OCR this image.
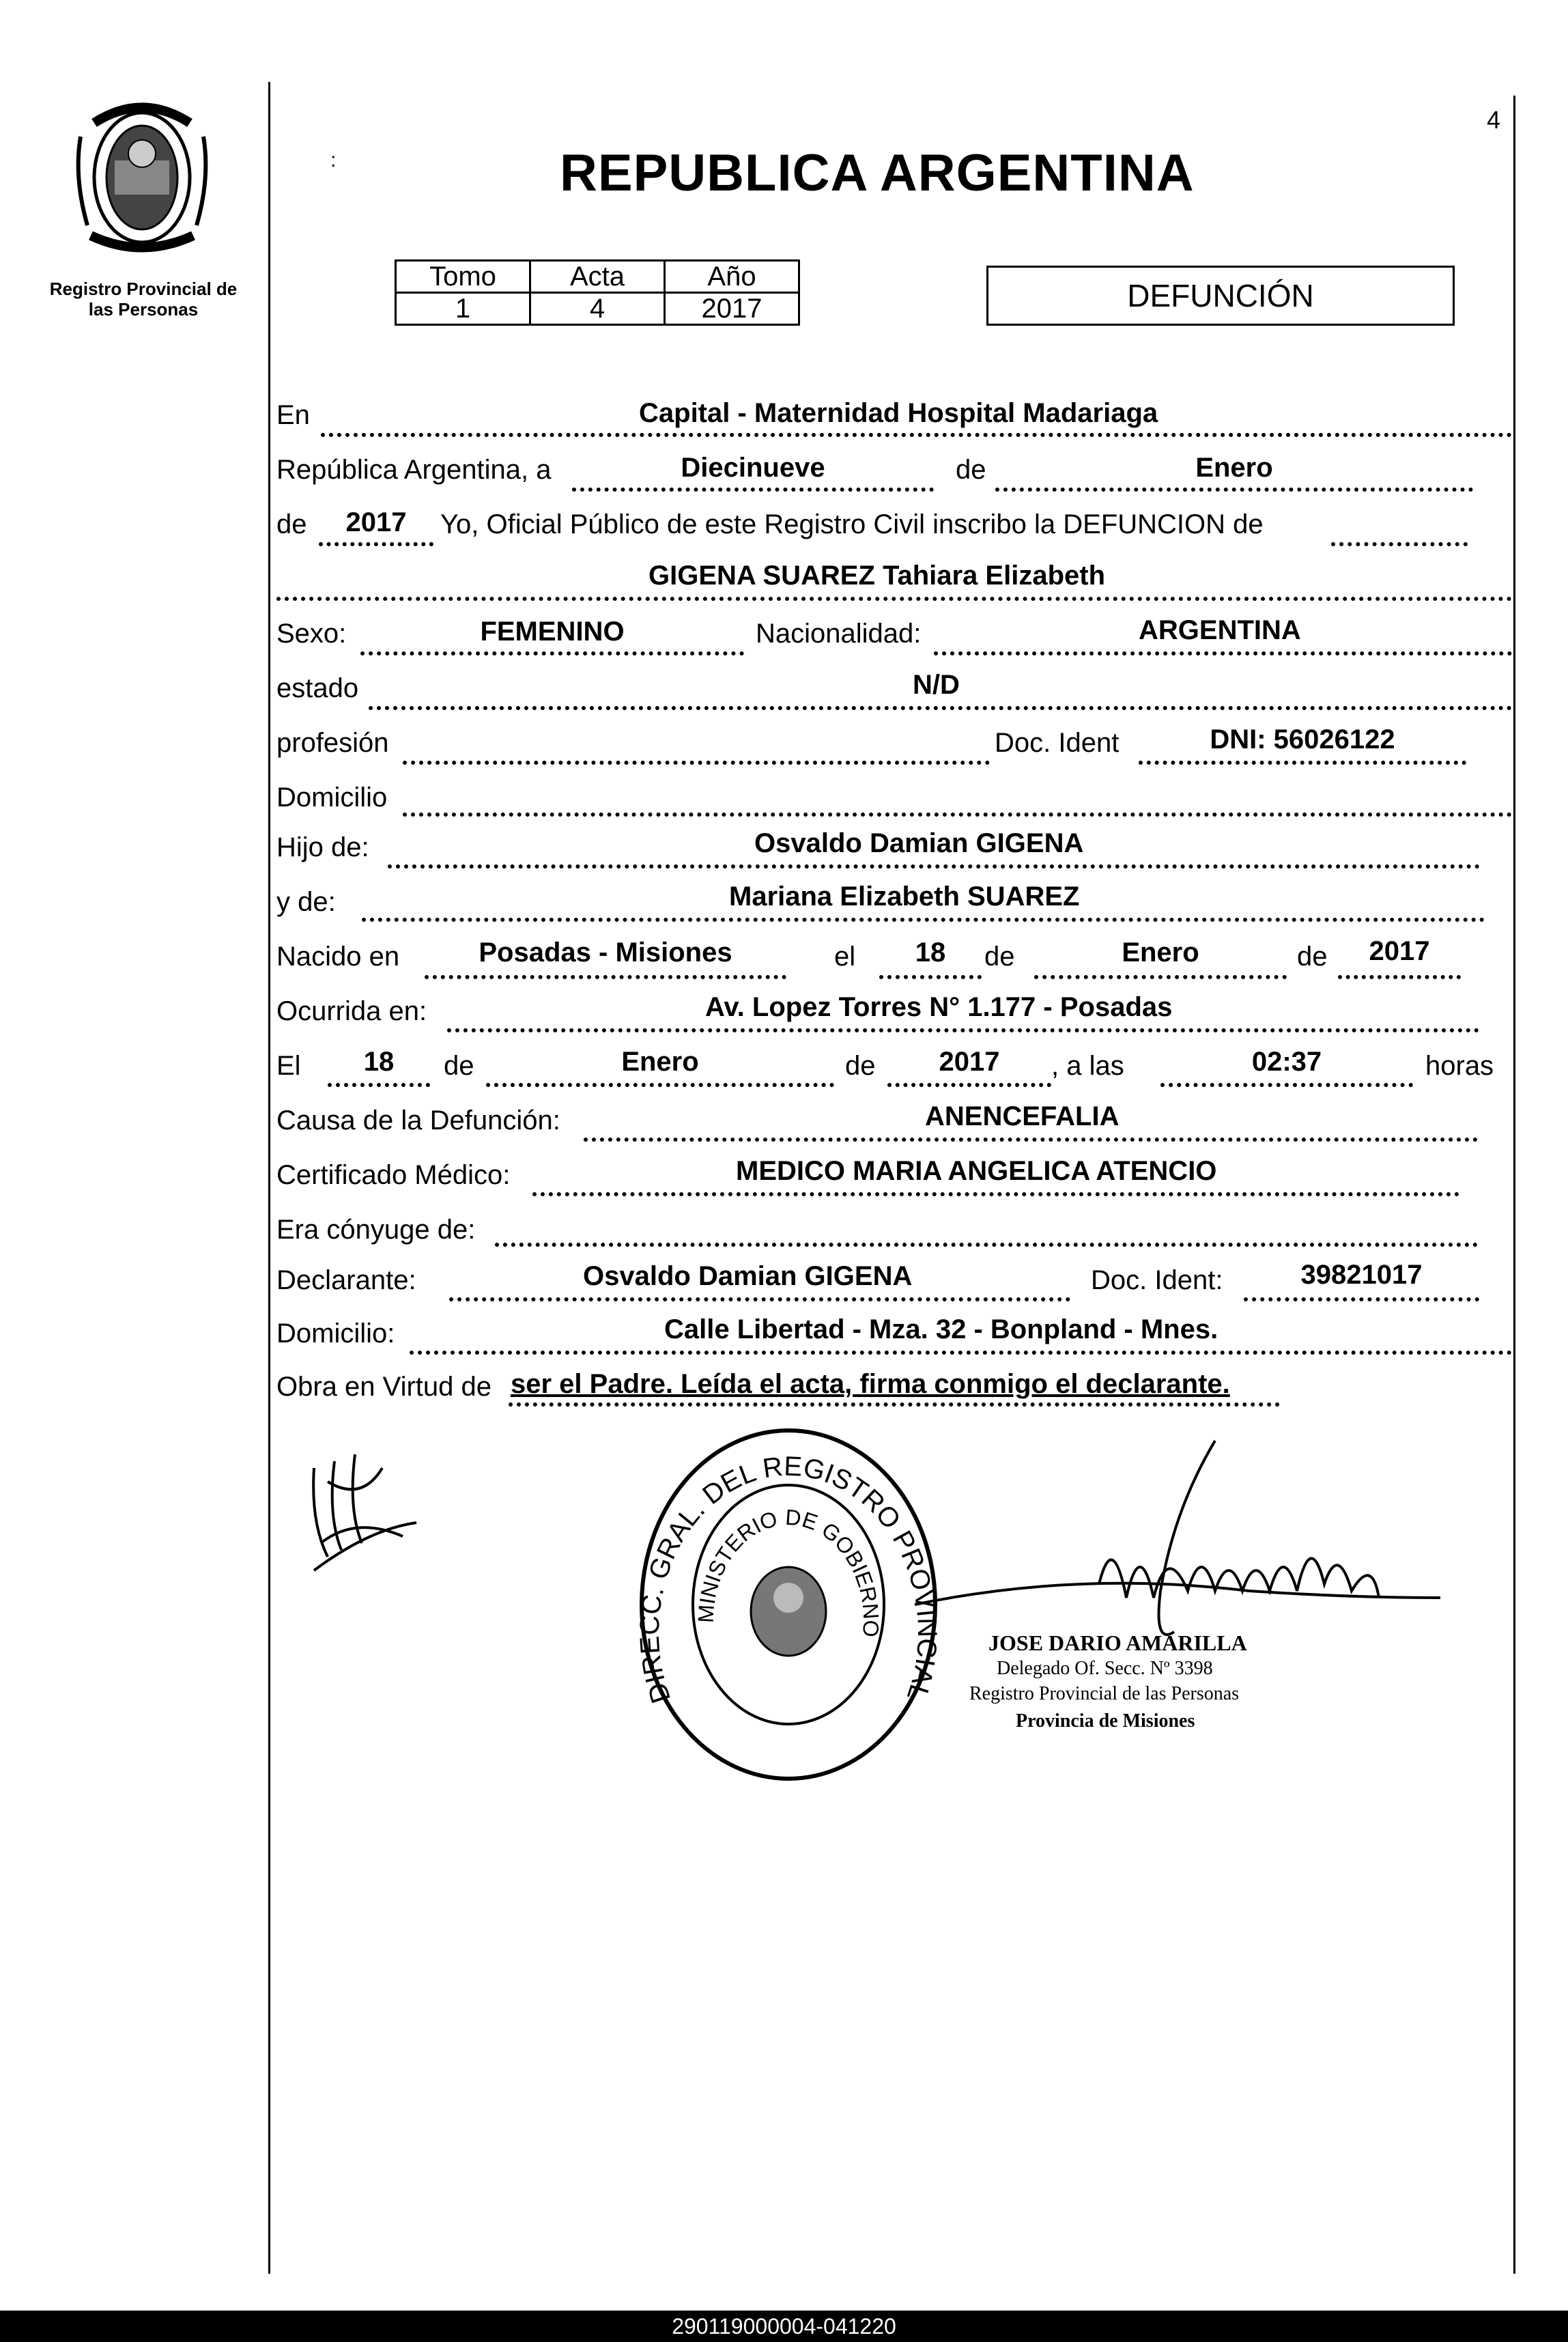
Registro Provincial de
las Personas
4
:	REPUBLICA ARGENTINA
Tomo	Acta	Año
1	4	2017	DEFUNCIÓN
En	Capital - Maternidad Hospital Madariaga
República Argentina, a	Diecinueve	de	Enero
de	2017	Yo, Oficial Público de este Registro Civil inscribo la DEFUNCION de
GIGENA SUAREZ Tahiara Elizabeth
Sexo:	FEMENINO	Nacionalidad:	ARGENTINA
estado	N/D
profesión	Doc. Ident	DNI: 56026122
Domicilio
Hijo de:	Osvaldo Damian GIGENA
y de:	Mariana Elizabeth SUAREZ
Nacido en	Posadas - Misiones	el	18	de	Enero	de	2017
Ocurrida en:	Av. Lopez Torres N° 1.177 - Posadas
El	18	de	Enero	de	2017	, a las	02:37	horas
Causa de la Defunción:	ANENCEFALIA
Certificado Médico:	MEDICO MARIA ANGELICA ATENCIO
Era cónyuge de:
Declarante:	Osvaldo Damian GIGENA	Doc. Ident:	39821017
Domicilio:	Calle Libertad - Mza. 32 - Bonpland - Mnes.
Obra en Virtud de ser el Padre. Leída el acta, firma conmigo el declarante.
DIRECC. GRAL. DEL REGISTRO PROVINCIAL
MINISTERIO DE GOBIERNO
JOSE DARIO AMARILLA
Delegado Of. Secc. Nº 3398
Registro Provincial de las Personas
Provincia de Misiones
290119000004-041220
